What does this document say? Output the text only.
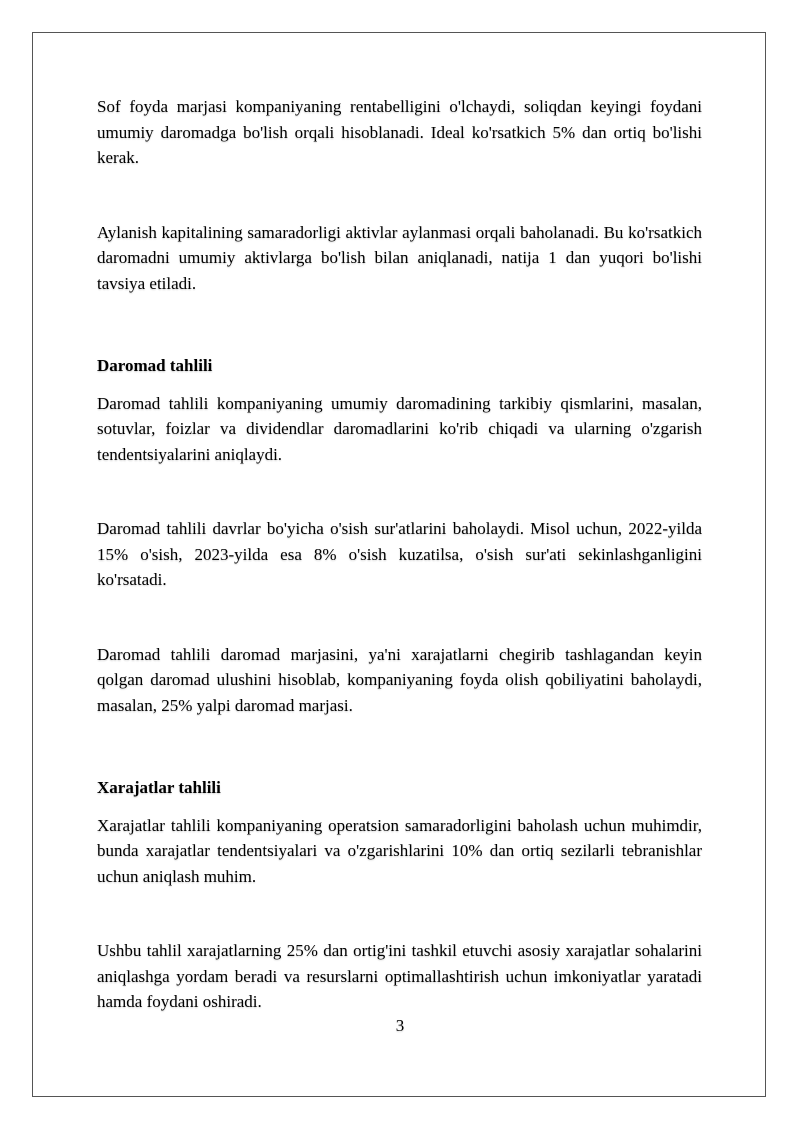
Sof foyda marjasi kompaniyaning rentabelligini o'lchaydi, soliqdan keyingi foydani umumiy daromadga bo'lish orqali hisoblanadi. Ideal ko'rsatkich 5% dan ortiq bo'lishi kerak.

Aylanish kapitalining samaradorligi aktivlar aylanmasi orqali baholanadi. Bu ko'rsatkich daromadni umumiy aktivlarga bo'lish bilan aniqlanadi, natija 1 dan yuqori bo'lishi tavsiya etiladi.

Daromad tahlili

Daromad tahlili kompaniyaning umumiy daromadining tarkibiy qismlarini, masalan, sotuvlar, foizlar va dividendlar daromadlarini ko'rib chiqadi va ularning o'zgarish tendentsiyalarini aniqlaydi.

Daromad tahlili davrlar bo'yicha o'sish sur'atlarini baholaydi. Misol uchun, 2022-yilda 15% o'sish, 2023-yilda esa 8% o'sish kuzatilsa, o'sish sur'ati sekinlashganligini ko'rsatadi.

Daromad tahlili daromad marjasini, ya'ni xarajatlarni chegirib tashlagandan keyin qolgan daromad ulushini hisoblab, kompaniyaning foyda olish qobiliyatini baholaydi, masalan, 25% yalpi daromad marjasi.

Xarajatlar tahlili

Xarajatlar tahlili kompaniyaning operatsion samaradorligini baholash uchun muhimdir, bunda xarajatlar tendentsiyalari va o'zgarishlarini 10% dan ortiq sezilarli tebranishlar uchun aniqlash muhim.

Ushbu tahlil xarajatlarning 25% dan ortig'ini tashkil etuvchi asosiy xarajatlar sohalarini aniqlashga yordam beradi va resurslarni optimallashtirish uchun imkoniyatlar yaratadi hamda foydani oshiradi.

3
